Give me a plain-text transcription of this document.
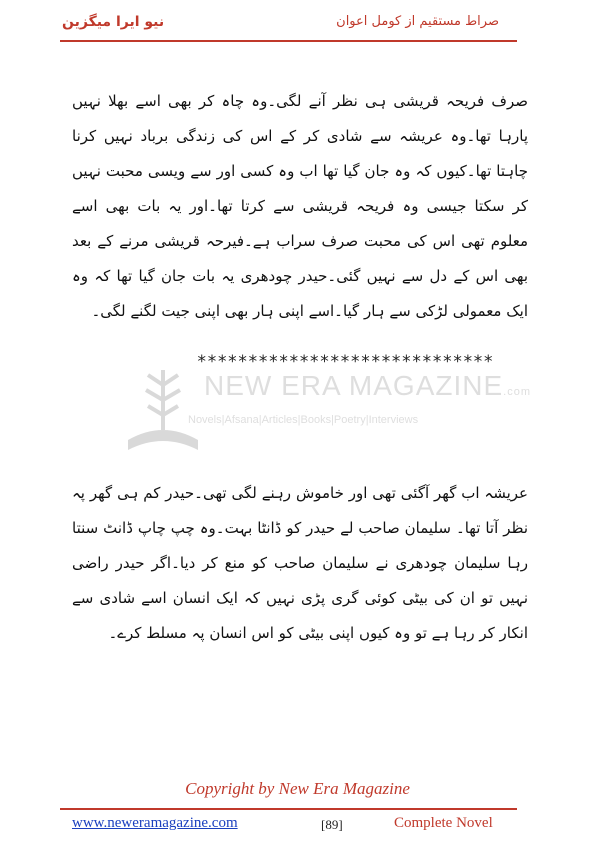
نیو ایرا میگزین	صراط مستقیم از کومل اعوان
صرف فریحہ قریشی ہی نظر آنے لگی۔وہ چاہ کر بھی اسے بھلا نہیں پارہا تھا۔وہ عریشہ سے شادی کر کے اس کی زندگی برباد نہیں کرنا چاہتا تھا۔کیوں کہ وہ جان گیا تھا اب وہ کسی اور سے ویسی محبت نہیں کر سکتا جیسی وہ فریحہ قریشی سے کرتا تھا۔اور یہ بات بھی اسے معلوم تھی اس کی محبت صرف سراب ہے۔فیرحہ قریشی مرنے کے بعد بھی اس کے دل سے نہیں گئی۔حیدر چودھری یہ بات جان گیا تھا کہ وہ ایک معمولی لڑکی سے ہار گیا۔اسے اپنی ہار بھی اپنی جیت لگنے لگی۔
NEW ERA MAGAZINE.com
Novels|Afsana|Articles|Books|Poetry|Interviews
*****************************
عریشہ اب گھر آگئی تھی اور خاموش رہنے لگی تھی۔حیدر کم ہی گھر پہ نظر آتا تھا۔ سلیمان صاحب لے حیدر کو ڈانٹا بہت۔وہ چپ چاپ ڈانٹ سنتا رہا سلیمان چودھری نے سلیمان صاحب کو منع کر دیا۔اگر حیدر راضی نہیں تو ان کی بیٹی کوئی گری پڑی نہیں کہ ایک انسان اسے شادی سے انکار کر رہا ہے تو وہ کیوں اپنی بیٹی کو اس انسان پہ مسلط کرے۔
Copyright by New Era Magazine
www.neweramagazine.com	[89]	Complete Novel
